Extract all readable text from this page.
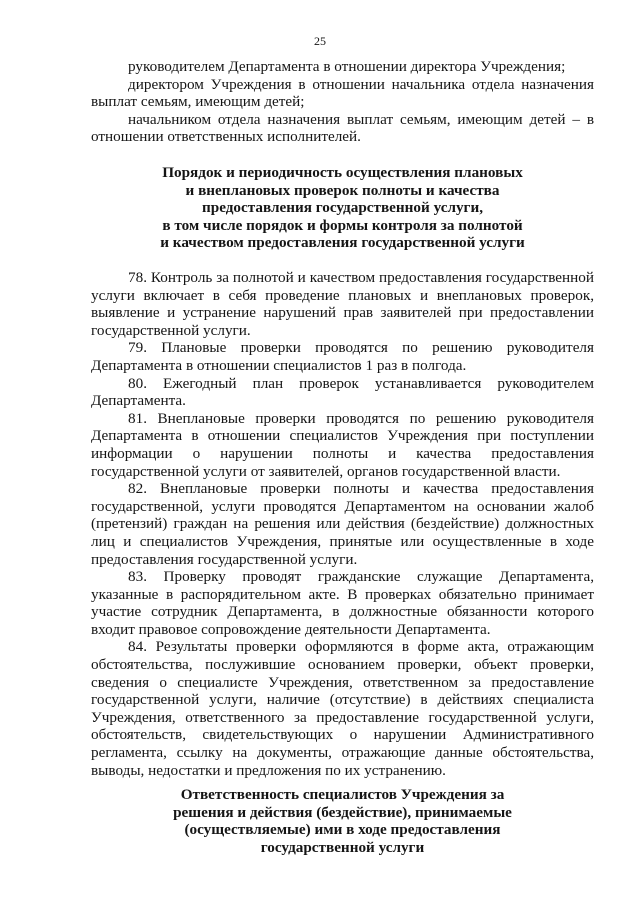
25

руководителем Департамента в отношении директора Учреждения;

директором Учреждения в отношении начальника отдела назначения выплат семьям, имеющим детей;

начальником отдела назначения выплат семьям, имеющим детей – в отношении ответственных исполнителей.

Порядок и периодичность осуществления плановых
и внеплановых проверок полноты и качества
предоставления государственной услуги,
в том числе порядок и формы контроля за полнотой
и качеством предоставления государственной услуги

78. Контроль за полнотой и качеством предоставления государственной услуги включает в себя проведение плановых и внеплановых проверок, выявление и устранение нарушений прав заявителей при предоставлении государственной услуги.

79. Плановые проверки проводятся по решению руководителя Департамента в отношении специалистов 1 раз в полгода.

80. Ежегодный план проверок устанавливается руководителем Департамента.

81. Внеплановые проверки проводятся по решению руководителя Департамента в отношении специалистов Учреждения при поступлении информации о нарушении полноты и качества предоставления государственной услуги от заявителей, органов государственной власти.

82. Внеплановые проверки полноты и качества предоставления государственной, услуги проводятся Департаментом на основании жалоб (претензий) граждан на решения или действия (бездействие) должностных лиц и специалистов Учреждения, принятые или осуществленные в ходе предоставления государственной услуги.

83. Проверку проводят гражданские служащие Департамента, указанные в распорядительном акте. В проверках обязательно принимает участие сотрудник Департамента, в должностные обязанности которого входит правовое сопровождение деятельности Департамента.

84. Результаты проверки оформляются в форме акта, отражающим обстоятельства, послужившие основанием проверки, объект проверки, сведения о специалисте Учреждения, ответственном за предоставление государственной услуги, наличие (отсутствие) в действиях специалиста Учреждения, ответственного за предоставление государственной услуги, обстоятельств, свидетельствующих о нарушении Административного регламента, ссылку на документы, отражающие данные обстоятельства, выводы, недостатки и предложения по их устранению.

Ответственность специалистов Учреждения за
решения и действия (бездействие), принимаемые
(осуществляемые) ими в ходе предоставления
государственной услуги
